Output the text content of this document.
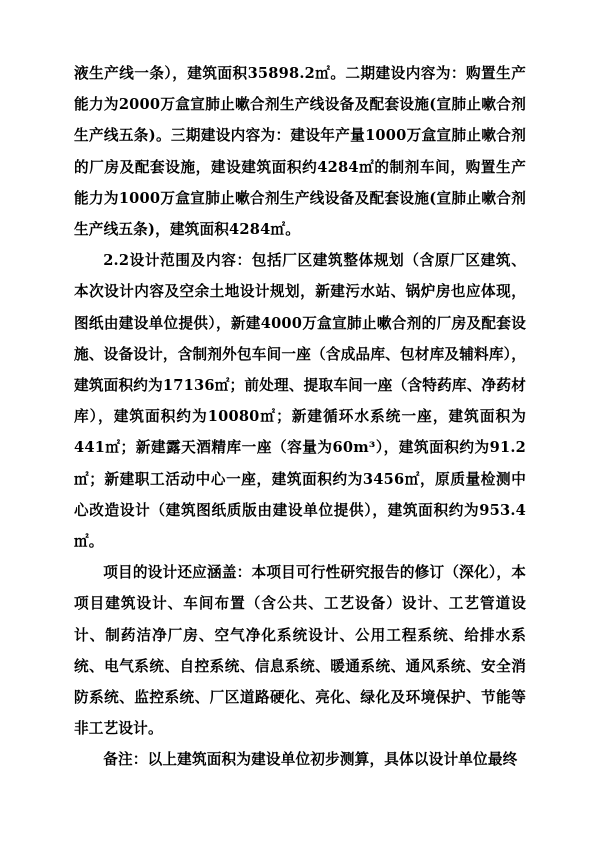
液生产线一条），建筑面积35898.2㎡。二期建设内容为：购置生产能力为2000万盒宣肺止嗽合剂生产线设备及配套设施(宣肺止嗽合剂生产线五条)。三期建设内容为：建设年产量1000万盒宣肺止嗽合剂的厂房及配套设施，建设建筑面积约4284㎡的制剂车间，购置生产能力为1000万盒宣肺止嗽合剂生产线设备及配套设施(宣肺止嗽合剂生产线五条)，建筑面积4284㎡。

2.2设计范围及内容：包括厂区建筑整体规划（含原厂区建筑、本次设计内容及空余土地设计规划，新建污水站、锅炉房也应体现，图纸由建设单位提供），新建4000万盒宣肺止嗽合剂的厂房及配套设施、设备设计，含制剂外包车间一座（含成品库、包材库及辅料库），建筑面积约为17136㎡；前处理、提取车间一座（含特药库、净药材库），建筑面积约为10080㎡；新建循环水系统一座，建筑面积为441㎡；新建露天酒精库一座（容量为60m³），建筑面积约为91.2㎡；新建职工活动中心一座，建筑面积约为3456㎡，原质量检测中心改造设计（建筑图纸质版由建设单位提供），建筑面积约为953.4㎡。

项目的设计还应涵盖：本项目可行性研究报告的修订（深化），本项目建筑设计、车间布置（含公共、工艺设备）设计、工艺管道设计、制药洁净厂房、空气净化系统设计、公用工程系统、给排水系统、电气系统、自控系统、信息系统、暖通系统、通风系统、安全消防系统、监控系统、厂区道路硬化、亮化、绿化及环境保护、节能等非工艺设计。

备注：以上建筑面积为建设单位初步测算，具体以设计单位最终
